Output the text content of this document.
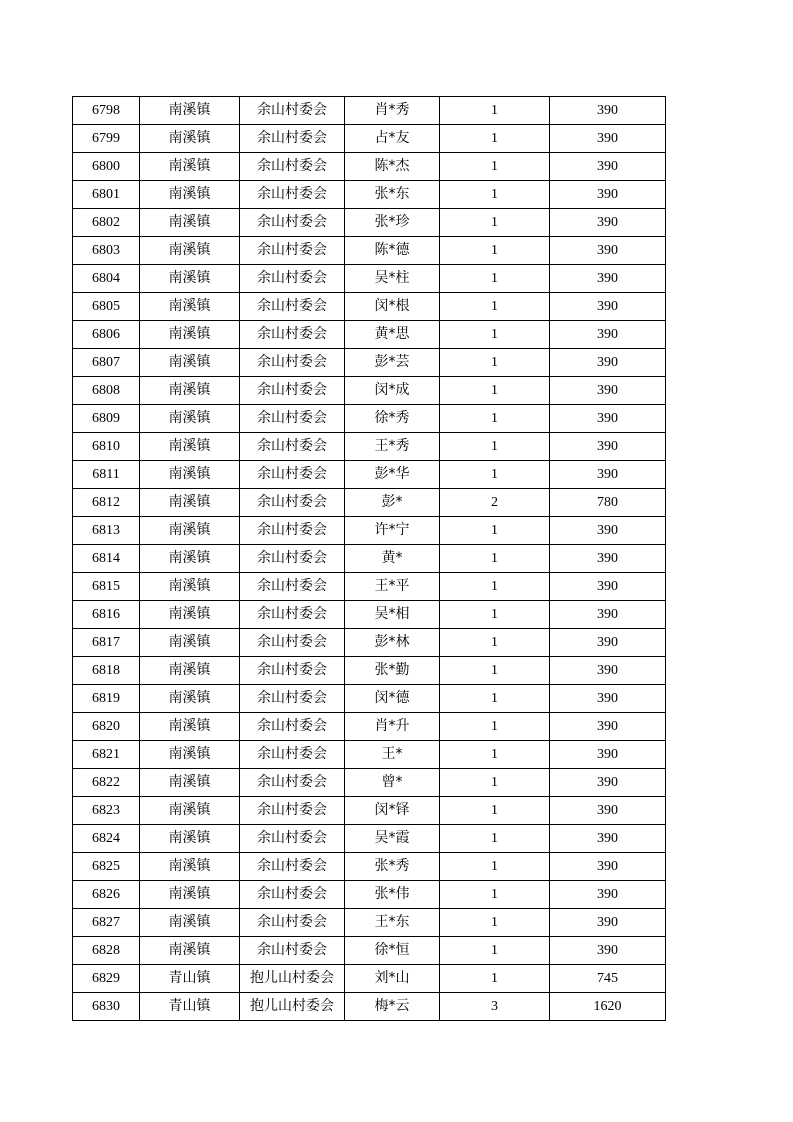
6798	南溪镇	余山村委会	肖*秀	1	390
6799	南溪镇	余山村委会	占*友	1	390
6800	南溪镇	余山村委会	陈*杰	1	390
6801	南溪镇	余山村委会	张*东	1	390
6802	南溪镇	余山村委会	张*珍	1	390
6803	南溪镇	余山村委会	陈*德	1	390
6804	南溪镇	余山村委会	吴*柱	1	390
6805	南溪镇	余山村委会	闵*根	1	390
6806	南溪镇	余山村委会	黄*思	1	390
6807	南溪镇	余山村委会	彭*芸	1	390
6808	南溪镇	余山村委会	闵*成	1	390
6809	南溪镇	余山村委会	徐*秀	1	390
6810	南溪镇	余山村委会	王*秀	1	390
6811	南溪镇	余山村委会	彭*华	1	390
6812	南溪镇	余山村委会	彭*	2	780
6813	南溪镇	余山村委会	许*宁	1	390
6814	南溪镇	余山村委会	黄*	1	390
6815	南溪镇	余山村委会	王*平	1	390
6816	南溪镇	余山村委会	吴*相	1	390
6817	南溪镇	余山村委会	彭*林	1	390
6818	南溪镇	余山村委会	张*勤	1	390
6819	南溪镇	余山村委会	闵*德	1	390
6820	南溪镇	余山村委会	肖*升	1	390
6821	南溪镇	余山村委会	王*	1	390
6822	南溪镇	余山村委会	曾*	1	390
6823	南溪镇	余山村委会	闵*铎	1	390
6824	南溪镇	余山村委会	吴*霞	1	390
6825	南溪镇	余山村委会	张*秀	1	390
6826	南溪镇	余山村委会	张*伟	1	390
6827	南溪镇	余山村委会	王*东	1	390
6828	南溪镇	余山村委会	徐*恒	1	390
6829	青山镇	抱儿山村委会	刘*山	1	745
6830	青山镇	抱儿山村委会	梅*云	3	1620
